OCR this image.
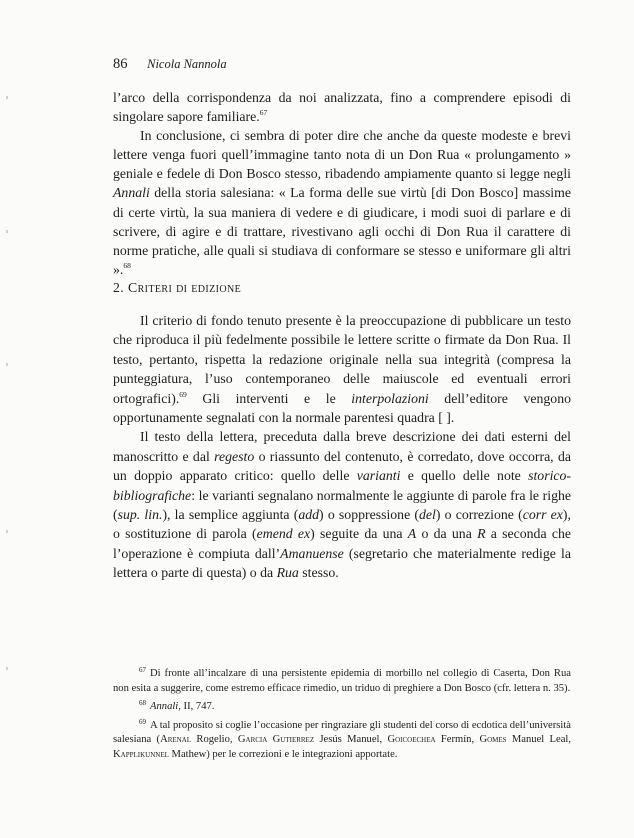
86 Nicola Nannola

l’arco della corrispondenza da noi analizzata, fino a comprendere episodi di singolare sapore familiare.$^{67}$

In conclusione, ci sembra di poter dire che anche da queste modeste e brevi lettere venga fuori quell’immagine tanto nota di un Don Rua « prolungamento » geniale e fedele di Don Bosco stesso, ribadendo ampiamente quanto si legge negli Annali della storia salesiana: « La forma delle sue virtù [di Don Bosco] massime di certe virtù, la sua maniera di vedere e di giudicare, i modi suoi di parlare e di scrivere, di agire e di trattare, rivestivano agli occhi di Don Rua il carattere di norme pratiche, alle quali si studiava di conformare se stesso e uniformare gli altri ».$^{68}$

2. Criteri di edizione

Il criterio di fondo tenuto presente è la preoccupazione di pubblicare un testo che riproduca il più fedelmente possibile le lettere scritte o firmate da Don Rua. Il testo, pertanto, rispetta la redazione originale nella sua integrità (compresa la punteggiatura, l’uso contemporaneo delle maiuscole ed eventuali errori ortografici).$^{69}$ Gli interventi e le interpolazioni dell’editore vengono opportunamente segnalati con la normale parentesi quadra [ ].

Il testo della lettera, preceduta dalla breve descrizione dei dati esterni del manoscritto e dal regesto o riassunto del contenuto, è corredato, dove occorra, da un doppio apparato critico: quello delle varianti e quello delle note storico-bibliografiche: le varianti segnalano normalmente le aggiunte di parole fra le righe (sup. lin.), la semplice aggiunta (add) o soppressione (del) o correzione (corr ex), o sostituzione di parola (emend ex) seguite da una A o da una R a seconda che l’operazione è compiuta dall’Amanuense (segretario che materialmente redige la lettera o parte di questa) o da Rua stesso.

$^{67}$ Di fronte all’incalzare di una persistente epidemia di morbillo nel collegio di Caserta, Don Rua non esita a suggerire, come estremo efficace rimedio, un triduo di preghiere a Don Bosco (cfr. lettera n. 35).

$^{68}$ Annali, II, 747.

$^{69}$ A tal proposito si coglie l’occasione per ringraziare gli studenti del corso di ecdotica dell’università salesiana (Arenal Rogelio, Garcia Gutierrez Jesús Manuel, Goicoechea Fermín, Gomes Manuel Leal, Kapplikunnel Mathew) per le correzioni e le integrazioni apportate.
